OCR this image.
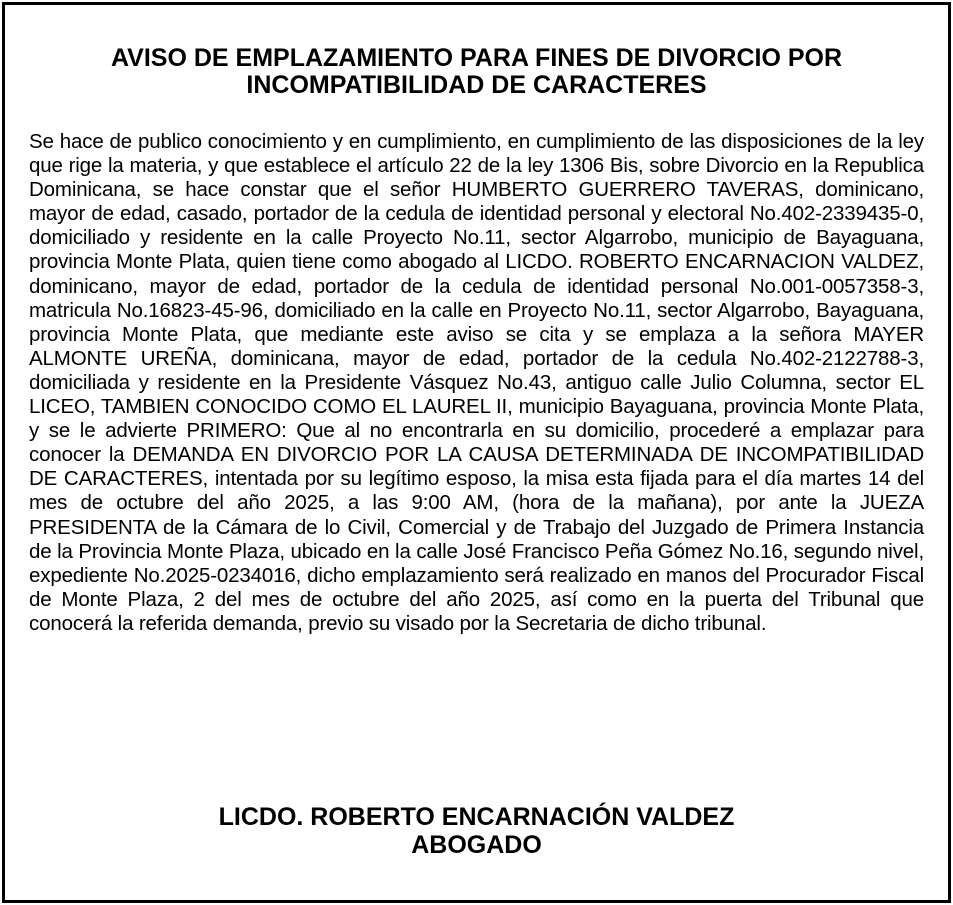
AVISO DE EMPLAZAMIENTO PARA FINES DE DIVORCIO POR
INCOMPATIBILIDAD DE CARACTERES

Se hace de publico conocimiento y en cumplimiento, en cumplimiento de las disposiciones de la ley que rige la materia, y que establece el artículo 22 de la ley 1306 Bis, sobre Divorcio en la Republica Dominicana, se hace constar que el señor HUMBERTO GUERRERO TAVERAS, dominicano, mayor de edad, casado, portador de la cedula de identidad personal y electoral No.402-2339435-0, domiciliado y residente en la calle Proyecto No.11, sector Algarrobo, municipio de Bayaguana, provincia Monte Plata, quien tiene como abogado al LICDO. ROBERTO ENCARNACION VALDEZ, dominicano, mayor de edad, portador de la cedula de identidad personal No.001-0057358-3, matricula No.16823-45-96, domiciliado en la calle en Proyecto No.11, sector Algarrobo, Bayaguana, provincia Monte Plata, que mediante este aviso se cita y se emplaza a la señora MAYER ALMONTE UREÑA, dominicana, mayor de edad, portador de la cedula No.402-2122788-3, domiciliada y residente en la Presidente Vásquez No.43, antiguo calle Julio Columna, sector EL LICEO, TAMBIEN CONOCIDO COMO EL LAUREL II, municipio Bayaguana, provincia Monte Plata, y se le advierte PRIMERO: Que al no encontrarla en su domicilio, procederé a emplazar para conocer la DEMANDA EN DIVORCIO POR LA CAUSA DETERMINADA DE INCOMPATIBILIDAD DE CARACTERES, intentada por su legítimo esposo, la misa esta fijada para el día martes 14 del mes de octubre del año 2025, a las 9:00 AM, (hora de la mañana), por ante la JUEZA PRESIDENTA de la Cámara de lo Civil, Comercial y de Trabajo del Juzgado de Primera Instancia de la Provincia Monte Plaza, ubicado en la calle José Francisco Peña Gómez No.16, segundo nivel, expediente No.2025-0234016, dicho emplazamiento será realizado en manos del Procurador Fiscal de Monte Plaza, 2 del mes de octubre del año 2025, así como en la puerta del Tribunal que conocerá la referida demanda, previo su visado por la Secretaria de dicho tribunal.

LICDO. ROBERTO ENCARNACIÓN VALDEZ
ABOGADO
